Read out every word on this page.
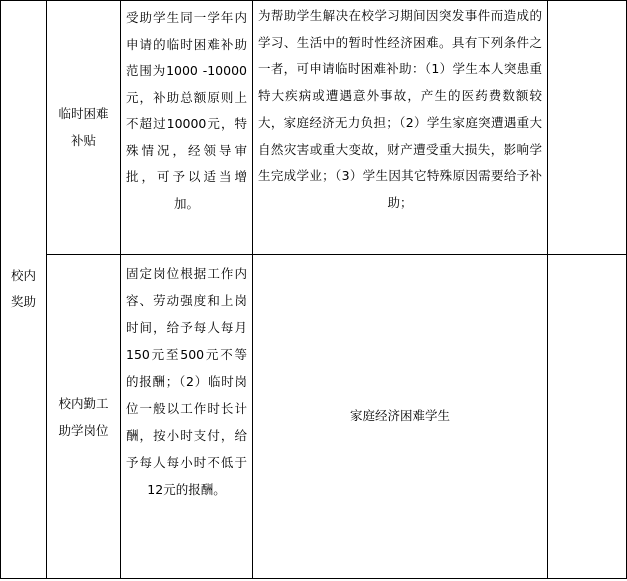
校内奖助
临时困难补贴
受助学生同一学年内申请的临时困难补助范围为1000 -10000元，补助总额原则上不超过10000元，特殊情况，经领导审批，可予以适当增加。
为帮助学生解决在校学习期间因突发事件而造成的学习、生活中的暂时性经济困难。具有下列条件之一者，可申请临时困难补助：（1）学生本人突患重特大疾病或遭遇意外事故，产生的医药费数额较大，家庭经济无力负担；（2）学生家庭突遭遇重大自然灾害或重大变故，财产遭受重大损失，影响学生完成学业；（3）学生因其它特殊原因需要给予补助；
校内勤工助学岗位
固定岗位根据工作内容、劳动强度和上岗时间，给予每人每月150元至500元不等的报酬；（2）临时岗位一般以工作时长计酬，按小时支付，给予每人每小时不低于12元的报酬。
家庭经济困难学生
